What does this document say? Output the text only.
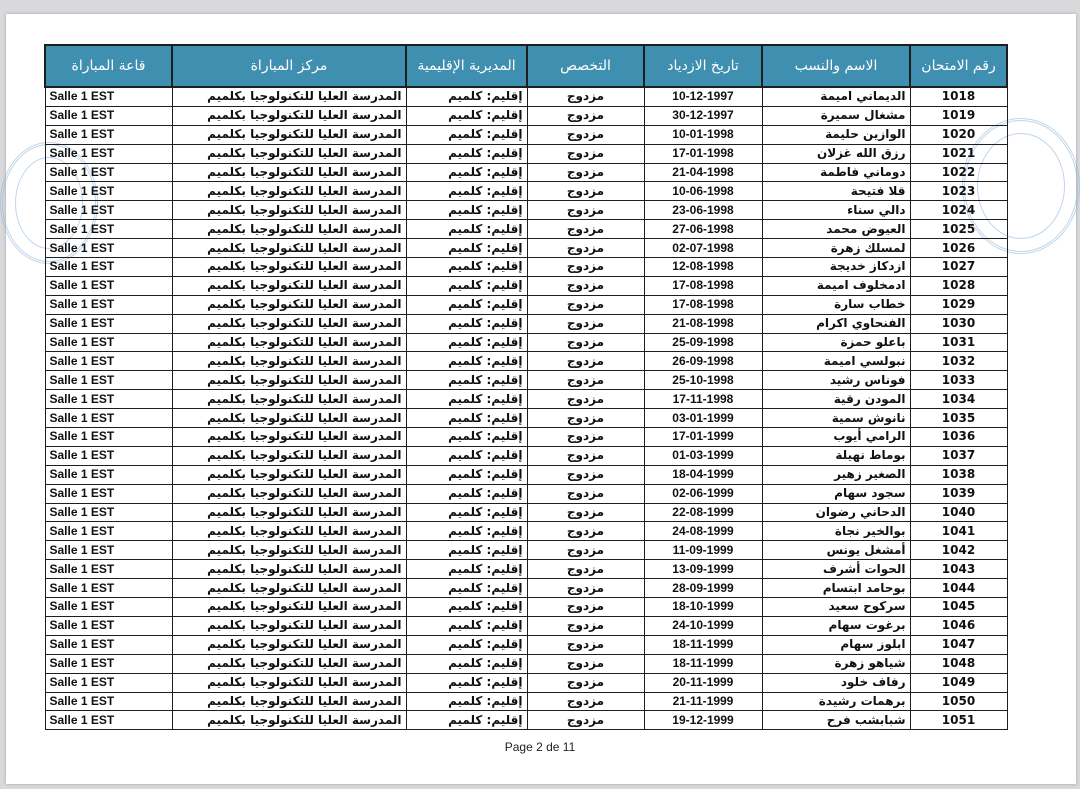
رقم الامتحان	الاسم والنسب	تاريخ الازدياد	التخصص	المديرية الإقليمية	مركز المباراة	قاعة المباراة
1018	الديماني اميمة	10-12-1997	مزدوج	إقليم: كلميم	المدرسة العليا للتكنولوجيا بكلميم	Salle 1 EST
1019	مشغال سميرة	30-12-1997	مزدوج	إقليم: كلميم	المدرسة العليا للتكنولوجيا بكلميم	Salle 1 EST
1020	الوازين حليمة	10-01-1998	مزدوج	إقليم: كلميم	المدرسة العليا للتكنولوجيا بكلميم	Salle 1 EST
1021	رزق الله غزلان	17-01-1998	مزدوج	إقليم: كلميم	المدرسة العليا للتكنولوجيا بكلميم	Salle 1 EST
1022	دوماني فاطمة	21-04-1998	مزدوج	إقليم: كلميم	المدرسة العليا للتكنولوجيا بكلميم	Salle 1 EST
1023	قلا فتيحة	10-06-1998	مزدوج	إقليم: كلميم	المدرسة العليا للتكنولوجيا بكلميم	Salle 1 EST
1024	دالي سناء	23-06-1998	مزدوج	إقليم: كلميم	المدرسة العليا للتكنولوجيا بكلميم	Salle 1 EST
1025	العيوض محمد	27-06-1998	مزدوج	إقليم: كلميم	المدرسة العليا للتكنولوجيا بكلميم	Salle 1 EST
1026	لمسلك زهرة	02-07-1998	مزدوج	إقليم: كلميم	المدرسة العليا للتكنولوجيا بكلميم	Salle 1 EST
1027	ازدكاز خديجة	12-08-1998	مزدوج	إقليم: كلميم	المدرسة العليا للتكنولوجيا بكلميم	Salle 1 EST
1028	ادمخلوف اميمة	17-08-1998	مزدوج	إقليم: كلميم	المدرسة العليا للتكنولوجيا بكلميم	Salle 1 EST
1029	خطاب سارة	17-08-1998	مزدوج	إقليم: كلميم	المدرسة العليا للتكنولوجيا بكلميم	Salle 1 EST
1030	الفنحاوي اكرام	21-08-1998	مزدوج	إقليم: كلميم	المدرسة العليا للتكنولوجيا بكلميم	Salle 1 EST
1031	باعلو حمزة	25-09-1998	مزدوج	إقليم: كلميم	المدرسة العليا للتكنولوجيا بكلميم	Salle 1 EST
1032	نبولسي اميمة	26-09-1998	مزدوج	إقليم: كلميم	المدرسة العليا للتكنولوجيا بكلميم	Salle 1 EST
1033	فوناس رشيد	25-10-1998	مزدوج	إقليم: كلميم	المدرسة العليا للتكنولوجيا بكلميم	Salle 1 EST
1034	المودن رقية	17-11-1998	مزدوج	إقليم: كلميم	المدرسة العليا للتكنولوجيا بكلميم	Salle 1 EST
1035	نانوش سمية	03-01-1999	مزدوج	إقليم: كلميم	المدرسة العليا للتكنولوجيا بكلميم	Salle 1 EST
1036	الرامي أيوب	17-01-1999	مزدوج	إقليم: كلميم	المدرسة العليا للتكنولوجيا بكلميم	Salle 1 EST
1037	بوماط نهيلة	01-03-1999	مزدوج	إقليم: كلميم	المدرسة العليا للتكنولوجيا بكلميم	Salle 1 EST
1038	الصغير زهير	18-04-1999	مزدوج	إقليم: كلميم	المدرسة العليا للتكنولوجيا بكلميم	Salle 1 EST
1039	سجود سهام	02-06-1999	مزدوج	إقليم: كلميم	المدرسة العليا للتكنولوجيا بكلميم	Salle 1 EST
1040	الدحاني رضوان	22-08-1999	مزدوج	إقليم: كلميم	المدرسة العليا للتكنولوجيا بكلميم	Salle 1 EST
1041	بوالخير نجاة	24-08-1999	مزدوج	إقليم: كلميم	المدرسة العليا للتكنولوجيا بكلميم	Salle 1 EST
1042	أمشغل يونس	11-09-1999	مزدوج	إقليم: كلميم	المدرسة العليا للتكنولوجيا بكلميم	Salle 1 EST
1043	الحوات أشرف	13-09-1999	مزدوج	إقليم: كلميم	المدرسة العليا للتكنولوجيا بكلميم	Salle 1 EST
1044	بوحامد ابتسام	28-09-1999	مزدوج	إقليم: كلميم	المدرسة العليا للتكنولوجيا بكلميم	Salle 1 EST
1045	سركوح سعيد	18-10-1999	مزدوج	إقليم: كلميم	المدرسة العليا للتكنولوجيا بكلميم	Salle 1 EST
1046	برغوت سهام	24-10-1999	مزدوج	إقليم: كلميم	المدرسة العليا للتكنولوجيا بكلميم	Salle 1 EST
1047	ابلوز سهام	18-11-1999	مزدوج	إقليم: كلميم	المدرسة العليا للتكنولوجيا بكلميم	Salle 1 EST
1048	شياهو زهرة	18-11-1999	مزدوج	إقليم: كلميم	المدرسة العليا للتكنولوجيا بكلميم	Salle 1 EST
1049	رفاف خلود	20-11-1999	مزدوج	إقليم: كلميم	المدرسة العليا للتكنولوجيا بكلميم	Salle 1 EST
1050	برهمات رشيدة	21-11-1999	مزدوج	إقليم: كلميم	المدرسة العليا للتكنولوجيا بكلميم	Salle 1 EST
1051	شبابشب فرح	19-12-1999	مزدوج	إقليم: كلميم	المدرسة العليا للتكنولوجيا بكلميم	Salle 1 EST
Page 2 de 11
